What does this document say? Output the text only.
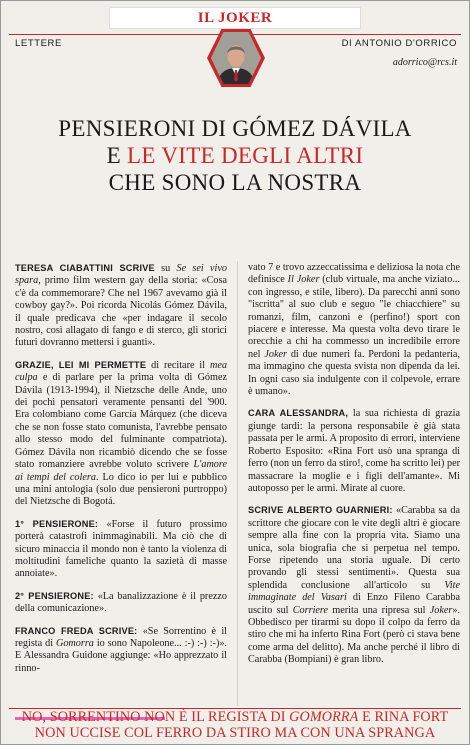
IL JOKER
LETTERE	DI ANTONIO D'ORRICO
adorrico@rcs.it
PENSIERONI DI GÓMEZ DÁVILA
E LE VITE DEGLI ALTRI
CHE SONO LA NOSTRA

TERESA CIABATTINI SCRIVE su Se sei vivo spara, primo film western gay della storia: «Cosa c'è da commemorare? Che nel 1967 avevamo già il cowboy gay?». Poi ricorda Nicolás Gómez Dávila, il quale predicava che «per indagare il secolo nostro, così allagato di fango e di sterco, gli storici futuri dovranno mettersi i guanti».

GRAZIE, LEI MI PERMETTE di recitare il mea culpa e di parlare per la prima volta di Gómez Dávila (1913-1994), il Nietzsche delle Ande, uno dei pochi pensatori veramente pensanti del '900. Era colombiano come García Márquez (che diceva che se non fosse stato comunista, l'avrebbe pensato allo stesso modo del fulminante compatriota). Gómez Dávila non ricambiò dicendo che se fosse stato romanziere avrebbe voluto scrivere L'amore ai tempi del colera. Lo dico io per lui e pubblico una mini antologia (solo due pensieroni purtroppo) del Nietzsche di Bogotá.

1° PENSIERONE: «Forse il futuro prossimo porterà catastrofi inimmaginabili. Ma ciò che di sicuro minaccia il mondo non è tanto la violenza di moltitudini fameliche quanto la sazietà di masse annoiate».

2° PENSIERONE: «La banalizzazione è il prezzo della comunicazione».

FRANCO FREDA SCRIVE: «Se Sorrentino è il regista di Gomorra io sono Napoleone... :-) :-) :-)». E Alessandra Guidone aggiunge: «Ho apprezzato il rinno-

vato 7 e trovo azzeccatissima e deliziosa la nota che definisce Il Joker (club virtuale, ma anche viziato... con ingresso, e stile, libero). Da parecchi anni sono "iscritta" al suo club e seguo "le chiacchiere" su romanzi, film, canzoni e (perfino!) sport con piacere e interesse. Ma questa volta devo tirare le orecchie a chi ha commesso un incredibile errore nel Joker di due numeri fa. Perdoni la pedanteria, ma immagino che questa svista non dipenda da lei. In ogni caso sia indulgente con il colpevole, errare è umano».

CARA ALESSANDRA, la sua richiesta di grazia giunge tardi: la persona responsabile è già stata passata per le armi. A proposito di errori, interviene Roberto Esposito: «Rina Fort usò una spranga di ferro (non un ferro da stiro!, come ha scritto lei) per massacrare la moglie e i figli dell'amante». Mi autoposso per le armi. Mirate al cuore.

SCRIVE ALBERTO GUARNIERI: «Carabba sa da scrittore che giocare con le vite degli altri è giocare sempre alla fine con la propria vita. Siamo una unica, sola biografia che si perpetua nel tempo. Forse ripetendo una storia uguale. Di certo provando gli stessi sentimenti». Questa sua splendida conclusione all'articolo su Vite immaginate del Vasari di Enzo Fileno Carabba uscito sul Corriere merita una ripresa sul Joker». Obbedisco per tirarmi su dopo il colpo da ferro da stiro che mi ha inferto Rina Fort (però ci stava bene come arma del delitto). Ma anche perché il libro di Carabba (Bompiani) è gran libro.

NO, SORRENTINO NON È IL REGISTA DI GOMORRA E RINA FORT
NON UCCISE COL FERRO DA STIRO MA CON UNA SPRANGA
